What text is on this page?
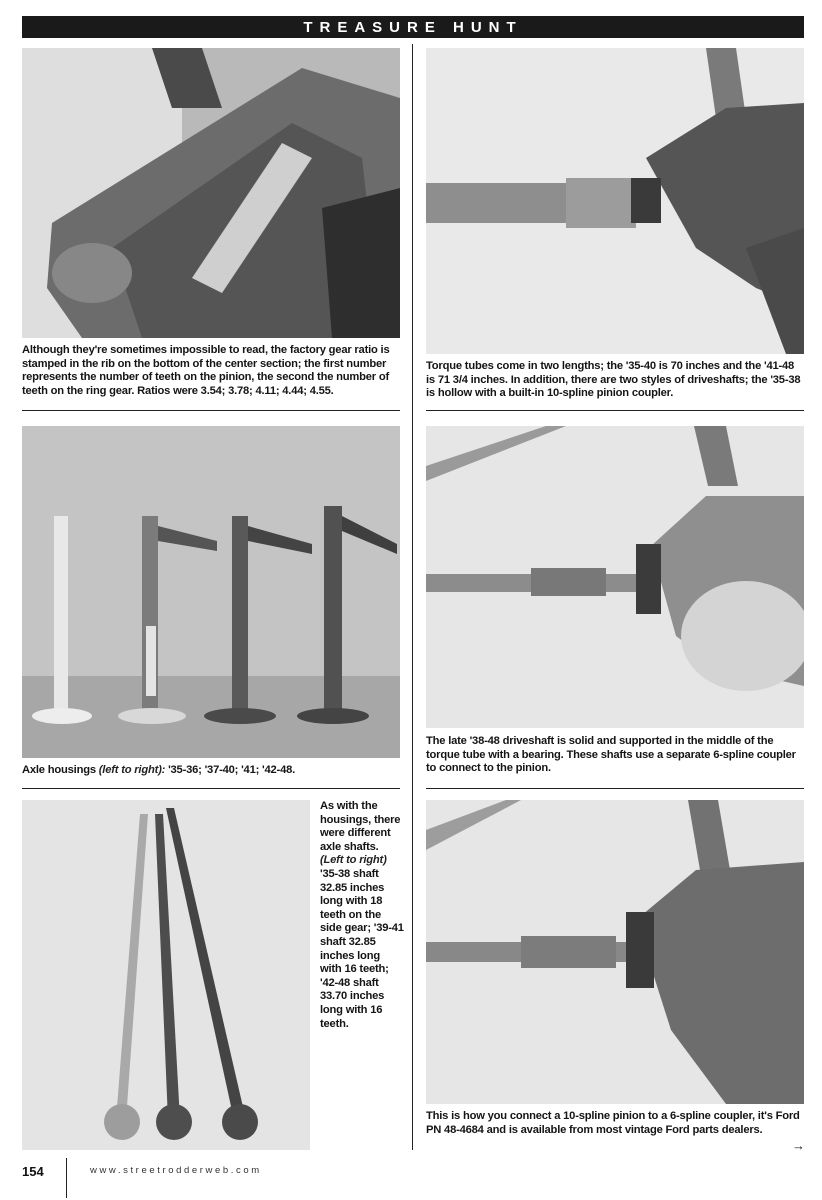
TREASURE HUNT

Although they're sometimes impossible to read, the factory gear ratio is stamped in the rib on the bottom of the center section; the first number represents the number of teeth on the pinion, the second the number of teeth on the ring gear. Ratios were 3.54; 3.78; 4.11; 4.44; 4.55.

Torque tubes come in two lengths; the '35-40 is 70 inches and the '41-48 is 71 3/4 inches. In addition, there are two styles of driveshafts; the '35-38 is hollow with a built-in 10-spline pinion coupler.

Axle housings (left to right): '35-36; '37-40; '41; '42-48.

The late '38-48 driveshaft is solid and supported in the middle of the torque tube with a bearing. These shafts use a separate 6-spline coupler to connect to the pinion.

As with the housings, there were different axle shafts. (Left to right) '35-38 shaft 32.85 inches long with 18 teeth on the side gear; '39-41 shaft 32.85 inches long with 16 teeth; '42-48 shaft 33.70 inches long with 16 teeth.

This is how you connect a 10-spline pinion to a 6-spline coupler, it's Ford PN 48-4684 and is available from most vintage Ford parts dealers.

154	www.streetrodderweb.com
→
